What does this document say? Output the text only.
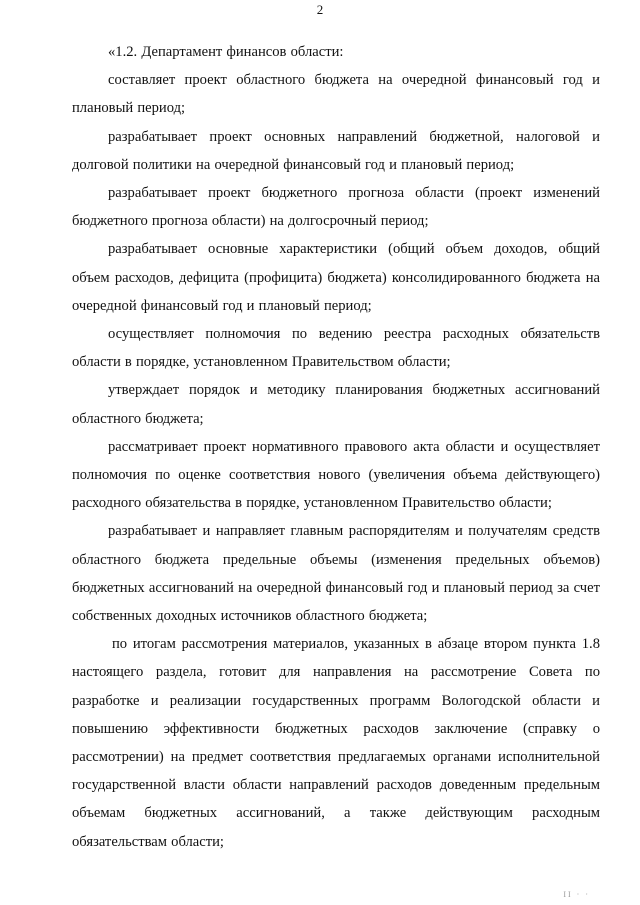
2

«1.2. Департамент финансов области:

составляет проект областного бюджета на очередной финансовый год и плановый период;

разрабатывает проект основных направлений бюджетной, налоговой и долговой политики на очередной финансовый год и плановый период;

разрабатывает проект бюджетного прогноза области (проект изменений бюджетного прогноза области) на долгосрочный период;

разрабатывает основные характеристики (общий объем доходов, общий объем расходов, дефицита (профицита) бюджета) консолидированного бюджета на очередной финансовый год и плановый период;

осуществляет полномочия по ведению реестра расходных обязательств области в порядке, установленном Правительством области;

утверждает порядок и методику планирования бюджетных ассигнований областного бюджета;

рассматривает проект нормативного правового акта области и осуществляет полномочия по оценке соответствия нового (увеличения объема действующего) расходного обязательства в порядке, установленном Правительство области;

разрабатывает и направляет главным распорядителям и получателям средств областного бюджета предельные объемы (изменения предельных объемов) бюджетных ассигнований на очередной финансовый год и плановый период за счет собственных доходных источников областного бюджета;

по итогам рассмотрения материалов, указанных в абзаце втором пункта 1.8 настоящего раздела, готовит для направления на рассмотрение Совета по разработке и реализации государственных программ Вологодской области и повышению эффективности бюджетных расходов заключение (справку о рассмотрении) на предмет соответствия предлагаемых органами исполнительной государственной власти области направлений расходов доведенным предельным объемам бюджетных ассигнований, а также действующим расходным обязательствам области;

II · ·
